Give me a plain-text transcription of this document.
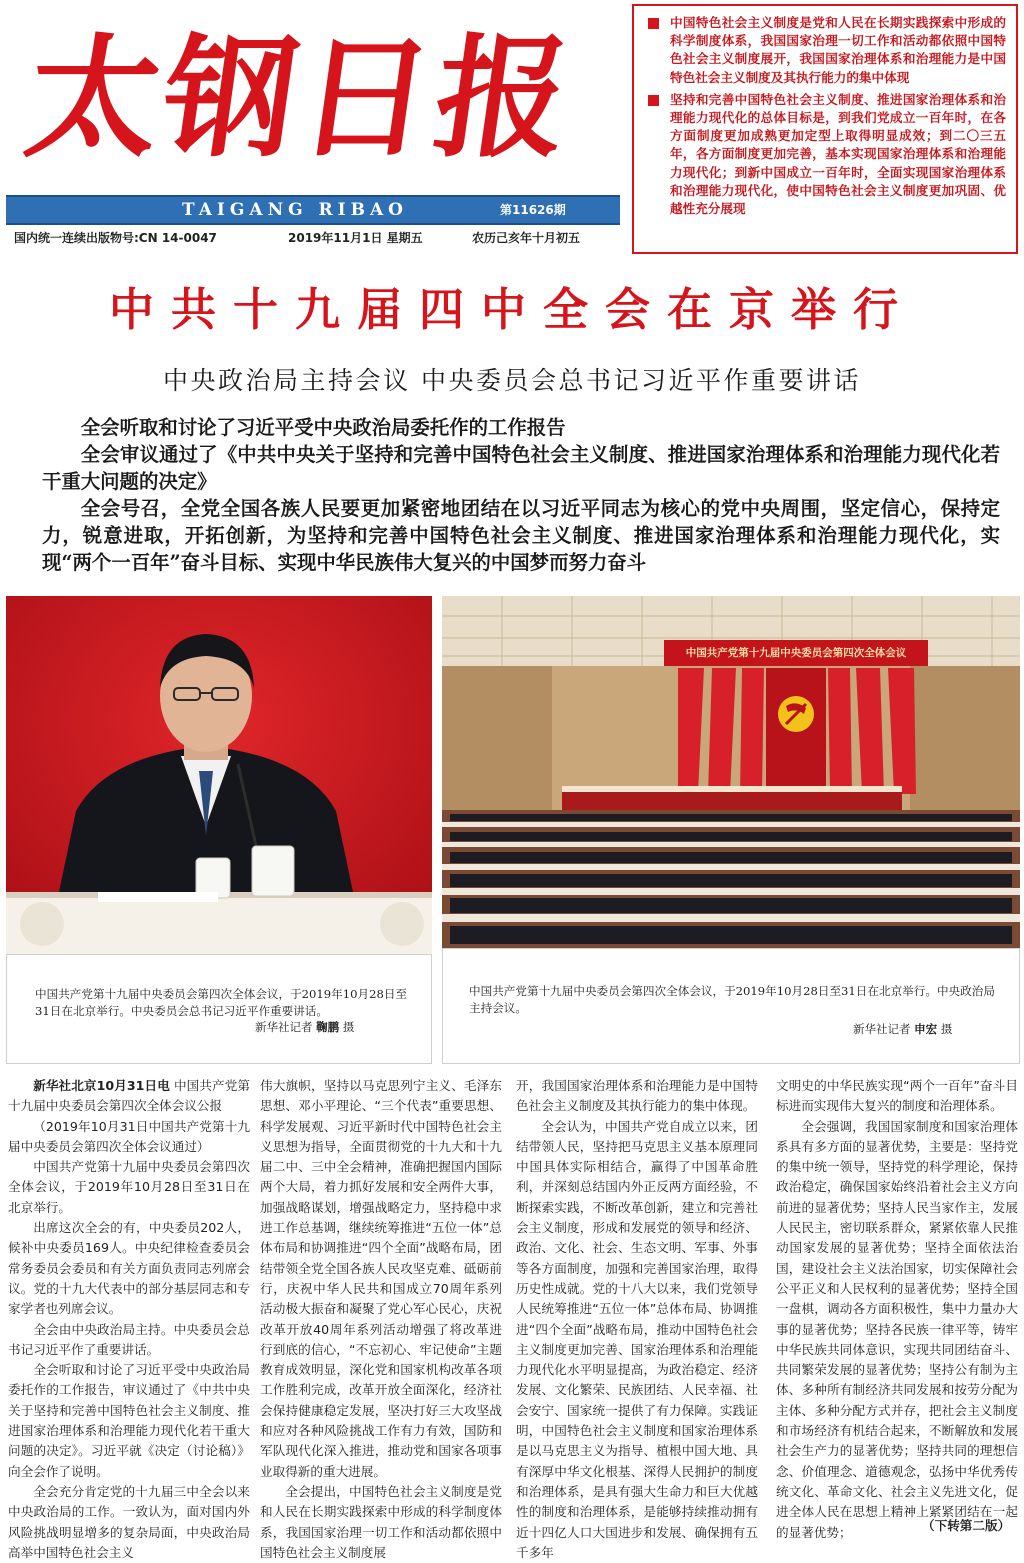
太钢日报
TAIGANG RIBAO	第11626期
国内统一连续出版物号:CN 14-0047	2019年11月1日 星期五	农历己亥年十月初五
中国特色社会主义制度是党和人民在长期实践探索中形成的科学制度体系，我国国家治理一切工作和活动都依照中国特色社会主义制度展开，我国国家治理体系和治理能力是中国特色社会主义制度及其执行能力的集中体现
坚持和完善中国特色社会主义制度、推进国家治理体系和治理能力现代化的总体目标是，到我们党成立一百年时，在各方面制度更加成熟更加定型上取得明显成效；到二〇三五年，各方面制度更加完善，基本实现国家治理体系和治理能力现代化；到新中国成立一百年时，全面实现国家治理体系和治理能力现代化，使中国特色社会主义制度更加巩固、优越性充分展现
中共十九届四中全会在京举行
中央政治局主持会议 中央委员会总书记习近平作重要讲话

全会听取和讨论了习近平受中央政治局委托作的工作报告

全会审议通过了《中共中央关于坚持和完善中国特色社会主义制度、推进国家治理体系和治理能力现代化若干重大问题的决定》

全会号召，全党全国各族人民要更加紧密地团结在以习近平同志为核心的党中央周围，坚定信心，保持定力，锐意进取，开拓创新，为坚持和完善中国特色社会主义制度、推进国家治理体系和治理能力现代化，实现“两个一百年”奋斗目标、实现中华民族伟大复兴的中国梦而努力奋斗

中国共产党第十九届中央委员会第四次全体会议，于2019年10月28日至31日在北京举行。中央委员会总书记习近平作重要讲话。
新华社记者 鞠鹏 摄
中国共产党第十九届中央委员会第四次全体会议
中国共产党第十九届中央委员会第四次全体会议，于2019年10月28日至31日在北京举行。中央政治局主持会议。
新华社记者 申宏 摄

新华社北京10月31日电 中国共产党第十九届中央委员会第四次全体会议公报

（2019年10月31日中国共产党第十九届中央委员会第四次全体会议通过）

中国共产党第十九届中央委员会第四次全体会议，于2019年10月28日至31日在北京举行。

出席这次全会的有，中央委员202人，候补中央委员169人。中央纪律检查委员会常务委员会委员和有关方面负责同志列席会议。党的十九大代表中的部分基层同志和专家学者也列席会议。

全会由中央政治局主持。中央委员会总书记习近平作了重要讲话。

全会听取和讨论了习近平受中央政治局委托作的工作报告，审议通过了《中共中央关于坚持和完善中国特色社会主义制度、推进国家治理体系和治理能力现代化若干重大问题的决定》。习近平就《决定（讨论稿）》向全会作了说明。

全会充分肯定党的十九届三中全会以来中央政治局的工作。一致认为，面对国内外风险挑战明显增多的复杂局面，中央政治局高举中国特色社会主义

伟大旗帜，坚持以马克思列宁主义、毛泽东思想、邓小平理论、“三个代表”重要思想、科学发展观、习近平新时代中国特色社会主义思想为指导，全面贯彻党的十九大和十九届二中、三中全会精神，准确把握国内国际两个大局，着力抓好发展和安全两件大事，加强战略谋划，增强战略定力，坚持稳中求进工作总基调，继续统筹推进“五位一体”总体布局和协调推进“四个全面”战略布局，团结带领全党全国各族人民攻坚克难、砥砺前行，庆祝中华人民共和国成立70周年系列活动极大振奋和凝聚了党心军心民心，庆祝改革开放40周年系列活动增强了将改革进行到底的信心，“不忘初心、牢记使命”主题教育成效明显，深化党和国家机构改革各项工作胜利完成，改革开放全面深化，经济社会保持健康稳定发展，坚决打好三大攻坚战和应对各种风险挑战工作有力有效，国防和军队现代化深入推进，推动党和国家各项事业取得新的重大进展。

全会提出，中国特色社会主义制度是党和人民在长期实践探索中形成的科学制度体系，我国国家治理一切工作和活动都依照中国特色社会主义制度展

开，我国国家治理体系和治理能力是中国特色社会主义制度及其执行能力的集中体现。

全会认为，中国共产党自成立以来，团结带领人民，坚持把马克思主义基本原理同中国具体实际相结合，赢得了中国革命胜利，并深刻总结国内外正反两方面经验，不断探索实践，不断改革创新，建立和完善社会主义制度，形成和发展党的领导和经济、政治、文化、社会、生态文明、军事、外事等各方面制度，加强和完善国家治理，取得历史性成就。党的十八大以来，我们党领导人民统筹推进“五位一体”总体布局、协调推进“四个全面”战略布局，推动中国特色社会主义制度更加完善、国家治理体系和治理能力现代化水平明显提高，为政治稳定、经济发展、文化繁荣、民族团结、人民幸福、社会安宁、国家统一提供了有力保障。实践证明，中国特色社会主义制度和国家治理体系是以马克思主义为指导、植根中国大地、具有深厚中华文化根基、深得人民拥护的制度和治理体系，是具有强大生命力和巨大优越性的制度和治理体系，是能够持续推动拥有近十四亿人口大国进步和发展、确保拥有五千多年

文明史的中华民族实现“两个一百年”奋斗目标进而实现伟大复兴的制度和治理体系。

全会强调，我国国家制度和国家治理体系具有多方面的显著优势，主要是：坚持党的集中统一领导，坚持党的科学理论，保持政治稳定，确保国家始终沿着社会主义方向前进的显著优势；坚持人民当家作主，发展人民民主，密切联系群众，紧紧依靠人民推动国家发展的显著优势；坚持全面依法治国，建设社会主义法治国家，切实保障社会公平正义和人民权利的显著优势；坚持全国一盘棋，调动各方面积极性，集中力量办大事的显著优势；坚持各民族一律平等，铸牢中华民族共同体意识，实现共同团结奋斗、共同繁荣发展的显著优势；坚持公有制为主体、多种所有制经济共同发展和按劳分配为主体、多种分配方式并存，把社会主义制度和市场经济有机结合起来，不断解放和发展社会生产力的显著优势；坚持共同的理想信念、价值理念、道德观念，弘扬中华优秀传统文化、革命文化、社会主义先进文化，促进全体人民在思想上精神上紧紧团结在一起的显著优势；	（下转第二版）
